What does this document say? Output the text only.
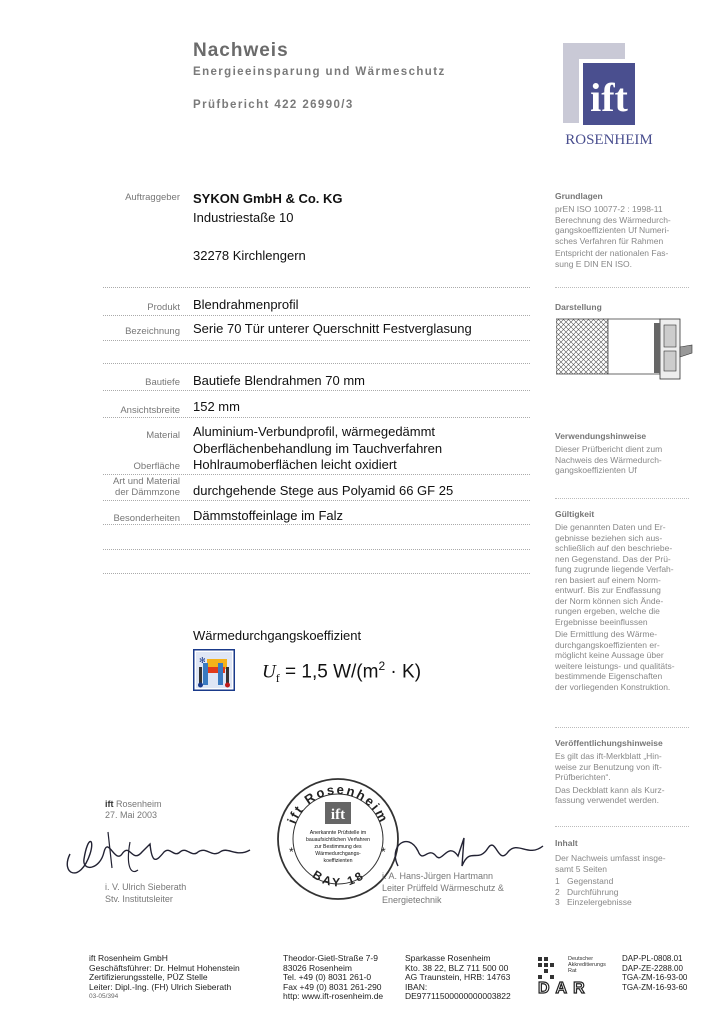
Nachweis
Energieeinsparung und Wärmeschutz
Prüfbericht 422 26990/3	ift
ROSENHEIM
Auftraggeber SYKON GmbH & Co. KG
Industriestaße 10
32278 Kirchlengern
Produkt Blendrahmenprofil
Bezeichnung Serie 70 Tür unterer Querschnitt Festverglasung
Bautiefe Bautiefe Blendrahmen 70 mm
Ansichtsbreite 152 mm
Material Aluminium-Verbundprofil, wärmegedämmt
Oberflächenbehandlung im Tauchverfahren
Oberfläche Hohlraumoberflächen leicht oxidiert
Art und Material
der Dämmzone durchgehende Stege aus Polyamid 66 GF 25
Besonderheiten Dämmstoffeinlage im Falz
Wärmedurchgangskoeffizient
✻
$U_f = 1,5$ $W/(m^2 \cdot K)$
Grundlagen
prEN ISO 10077-2 : 1998-11
Berechnung des Wärmedurch-
gangskoeffizienten Uf Numeri-
sches Verfahren für Rahmen
Entspricht der nationalen Fas-
sung E DIN EN ISO.
Darstellung
Verwendungshinweise
Dieser Prüfbericht dient zum
Nachweis des Wärmedurch-
gangskoeffizienten Uf
Gültigkeit
Die genannten Daten und Er-
gebnisse beziehen sich aus-
schließlich auf den beschriebe-
nen Gegenstand. Das der Prü-
fung zugrunde liegende Verfah-
ren basiert auf einem Norm-
entwurf. Bis zur Endfassung
der Norm können sich Ände-
rungen ergeben, welche die
Ergebnisse beeinflussen
Die Ermittlung des Wärme-
durchgangskoeffizienten er-
möglicht keine Aussage über
weitere leistungs- und qualitäts-
bestimmende Eigenschaften
der vorliegenden Konstruktion.
Veröffentlichungshinweise
Es gilt das ift-Merkblatt „Hin-
weise zur Benutzung von ift-
Prüfberichten“.
Das Deckblatt kann als Kurz-
fassung verwendet werden.
Inhalt
Der Nachweis umfasst insge-
samt 5 Seiten
1 Gegenstand
2 Durchführung
3 Einzelergebnisse
ift Rosenheim
27. Mai 2003
i. V. Ulrich Sieberath
Stv. Institutsleiter
ift Rosenheim
BAY 18
*	*
ift
Anerkannte Prüfstelle im
bauaufsichtlichen Verfahren
zur Bestimmung des
Wärmedurchgangs-
koeffizienten
i. A. Hans-Jürgen Hartmann
Leiter Prüffeld Wärmeschutz &
Energietechnik
ift Rosenheim GmbH
Geschäftsführer: Dr. Helmut Hohenstein
Zertifizierungsstelle, PÜZ Stelle
Leiter: Dipl.-Ing. (FH) Ulrich Sieberath
03-05/394
Theodor-Gietl-Straße 7-9
83026 Rosenheim
Tel. +49 (0) 8031 261-0
Fax +49 (0) 8031 261-290
http: www.ift-rosenheim.de
Sparkasse Rosenheim
Kto. 38 22, BLZ 711 500 00
AG Traunstein, HRB: 14763
IBAN:
DE97711500000000003822
Deutscher
Akkreditierungs
Rat
DAR
DAP-PL-0808.01
DAP-ZE-2288.00
TGA-ZM-16-93-00
TGA-ZM-16-93-60
